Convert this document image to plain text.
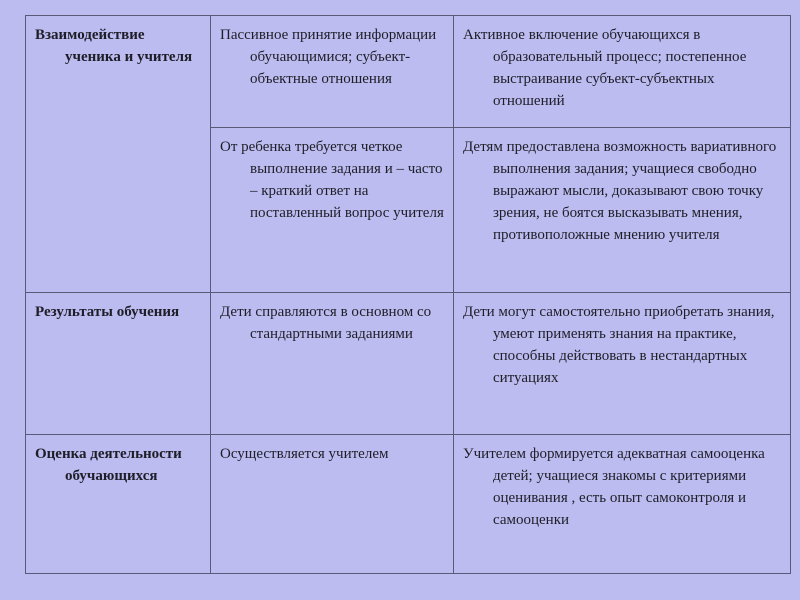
Взаимодействие ученика и учителя	Пассивное принятие информации обучающимися; субъект-объектные отношения	Активное включение обучающихся в образовательный процесс; постепенное выстраивание субъект-субъектных отношений

	От ребенка требуется четкое выполнение задания и – часто – краткий ответ на поставленный вопрос учителя	Детям предоставлена возможность вариативного выполнения задания; учащиеся свободно выражают мысли, доказывают свою точку зрения, не боятся высказывать мнения, противоположные мнению учителя

Результаты обучения	Дети справляются в основном со стандартными заданиями	Дети могут самостоятельно приобретать знания, умеют применять знания на практике, способны действовать в нестандартных ситуациях

Оценка деятельности обучающихся	Осуществляется учителем	Учителем формируется адекватная самооценка детей; учащиеся знакомы с критериями оценивания , есть опыт самоконтроля и самооценки
